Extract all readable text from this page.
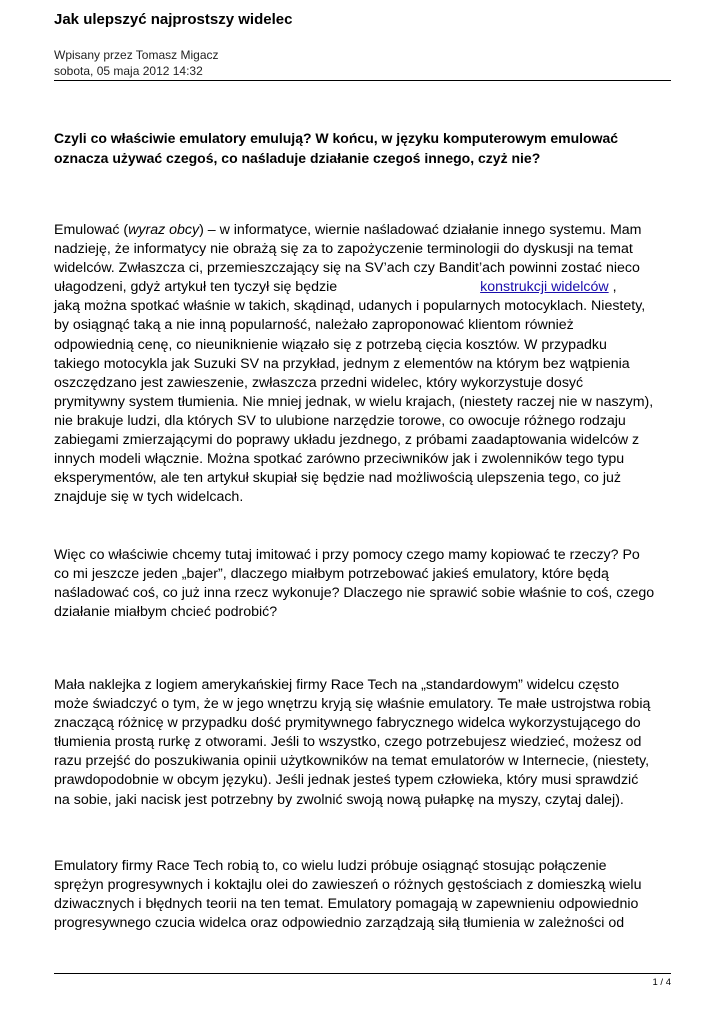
Jak ulepszyć najprostszy widelec
Wpisany przez Tomasz Migacz
sobota, 05 maja 2012 14:32
Czyli co właściwie emulatory emulują? W końcu, w języku komputerowym emulować
oznacza używać czegoś, co naśladuje działanie czegoś innego, czyż nie?
Emulować (wyraz obcy) – w informatyce, wiernie naśladować działanie innego systemu. Mam
nadzieję, że informatycy nie obrażą się za to zapożyczenie terminologii do dyskusji na temat
widelców. Zwłaszcza ci, przemieszczający się na SV’ach czy Bandit’ach powinni zostać nieco
ułagodzeni, gdyż artykuł ten tyczył się będzie	konstrukcji widelców ,
jaką można spotkać właśnie w takich, skądinąd, udanych i popularnych motocyklach. Niestety,
by osiągnąć taką a nie inną popularność, należało zaproponować klientom również
odpowiednią cenę, co nieuniknienie wiązało się z potrzebą cięcia kosztów. W przypadku
takiego motocykla jak Suzuki SV na przykład, jednym z elementów na którym bez wątpienia
oszczędzano jest zawieszenie, zwłaszcza przedni widelec, który wykorzystuje dosyć
prymitywny system tłumienia. Nie mniej jednak, w wielu krajach, (niestety raczej nie w naszym),
nie brakuje ludzi, dla których SV to ulubione narzędzie torowe, co owocuje różnego rodzaju
zabiegami zmierzającymi do poprawy układu jezdnego, z próbami zaadaptowania widelców z
innych modeli włącznie. Można spotkać zarówno przeciwników jak i zwolenników tego typu
eksperymentów, ale ten artykuł skupiał się będzie nad możliwością ulepszenia tego, co już
znajduje się w tych widelcach.
Więc co właściwie chcemy tutaj imitować i przy pomocy czego mamy kopiować te rzeczy? Po
co mi jeszcze jeden „bajer”, dlaczego miałbym potrzebować jakieś emulatory, które będą
naśladować coś, co już inna rzecz wykonuje? Dlaczego nie sprawić sobie właśnie to coś, czego
działanie miałbym chcieć podrobić?
Mała naklejka z logiem amerykańskiej firmy Race Tech na „standardowym” widelcu często
może świadczyć o tym, że w jego wnętrzu kryją się właśnie emulatory. Te małe ustrojstwa robią
znaczącą różnicę w przypadku dość prymitywnego fabrycznego widelca wykorzystującego do
tłumienia prostą rurkę z otworami. Jeśli to wszystko, czego potrzebujesz wiedzieć, możesz od
razu przejść do poszukiwania opinii użytkowników na temat emulatorów w Internecie, (niestety,
prawdopodobnie w obcym języku). Jeśli jednak jesteś typem człowieka, który musi sprawdzić
na sobie, jaki nacisk jest potrzebny by zwolnić swoją nową pułapkę na myszy, czytaj dalej).
Emulatory firmy Race Tech robią to, co wielu ludzi próbuje osiągnąć stosując połączenie
sprężyn progresywnych i koktajlu olei do zawieszeń o różnych gęstościach z domieszką wielu
dziwacznych i błędnych teorii na ten temat. Emulatory pomagają w zapewnieniu odpowiednio
progresywnego czucia widelca oraz odpowiednio zarządzają siłą tłumienia w zależności od
1 / 4
